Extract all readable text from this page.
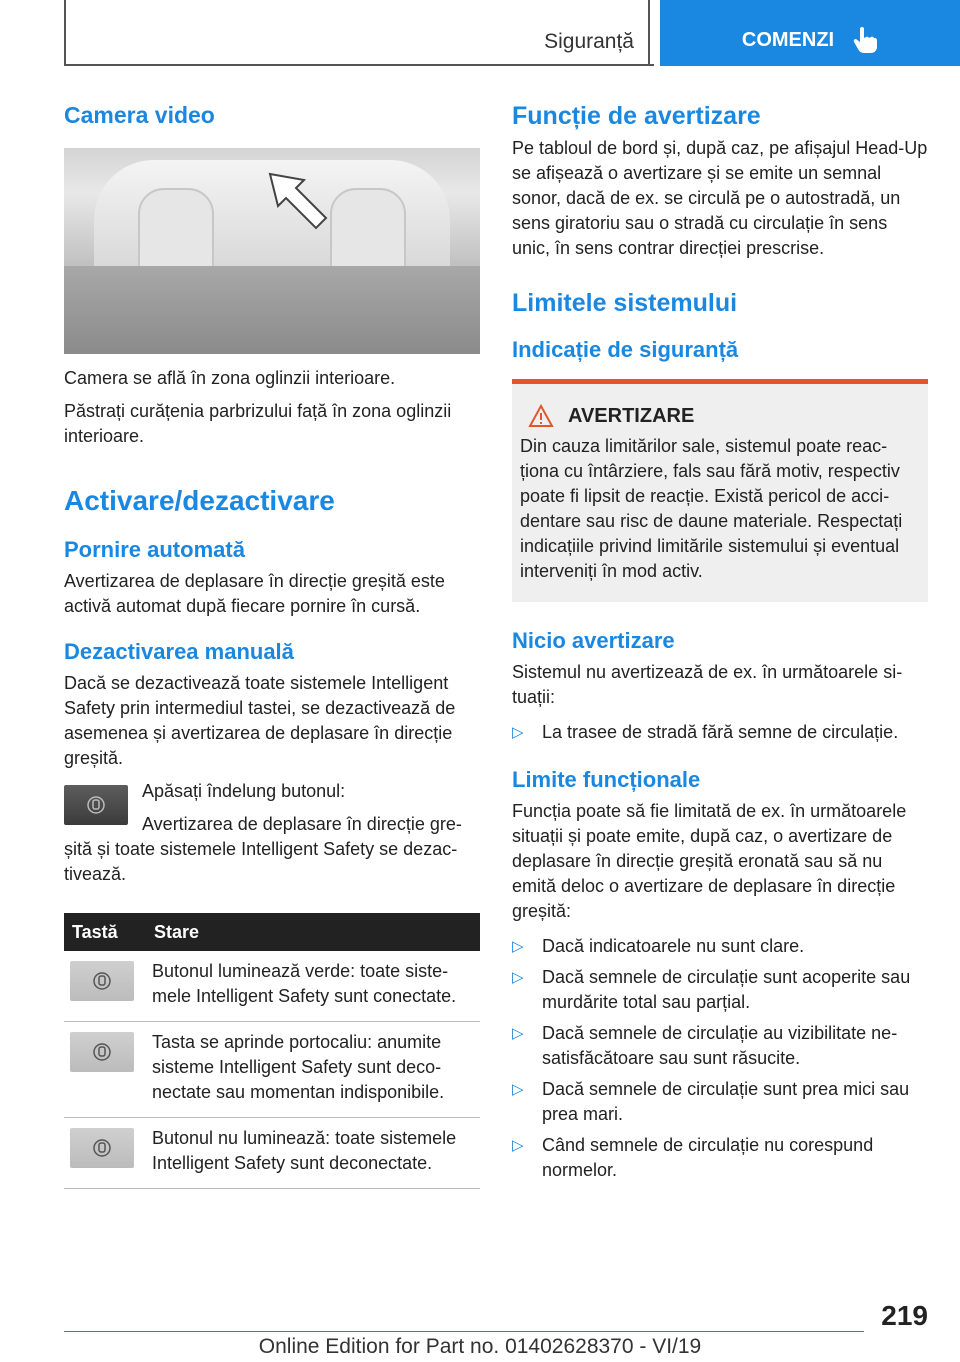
Siguranță	COMENZI
Camera video

Camera se află în zona oglinzii interioare.

Păstrați curățenia parbrizului față în zona oglinzii interioare.

Activare/dezactivare
Pornire automată

Avertizarea de deplasare în direcție greșită este activă automat după fiecare pornire în cursă.

Dezactivarea manuală

Dacă se dezactivează toate sistemele Intelligent Safety prin intermediul tastei, se dezactivează de asemenea și avertizarea de deplasare în direcție greșită.

Apăsați îndelung butonul:

Avertizarea de deplasare în direcție gre-

șită și toate sistemele Intelligent Safety se dezactivează.

Tastă	Stare

	Butonul luminează verde: toate sistemele Intelligent Safety sunt conectate.

	Tasta se aprinde portocaliu: anumite sisteme Intelligent Safety sunt deconectate sau momentan indisponibile.

	Butonul nu luminează: toate sistemele Intelligent Safety sunt deconectate.
Funcție de avertizare

Pe tabloul de bord și, după caz, pe afișajul Head-Up se afișează o avertizare și se emite un semnal sonor, dacă de ex. se circulă pe o autostradă, un sens giratoriu sau o stradă cu circulație în sens unic, în sens contrar direcției prescrise.

Limitele sistemului
Indicație de siguranță
AVERTIZARE

Din cauza limitărilor sale, sistemul poate reacționa cu întârziere, fals sau fără motiv, respectiv poate fi lipsit de reacție. Există pericol de accidentare sau risc de daune materiale. Respectați indicațiile privind limitările sistemului și eventual interveniți în mod activ.

Nicio avertizare

Sistemul nu avertizează de ex. în următoarele situații:

▷ La trasee de stradă fără semne de circulație.
Limite funcționale

Funcția poate să fie limitată de ex. în următoarele situații și poate emite, după caz, o avertizare de deplasare în direcție greșită eronată sau să nu emită deloc o avertizare de deplasare în direcție greșită:

▷ Dacă indicatoarele nu sunt clare.
▷ Dacă semnele de circulație sunt acoperite sau murdărite total sau parțial.
▷ Dacă semnele de circulație au vizibilitate nesatisfăcătoare sau sunt răsucite.
▷ Dacă semnele de circulație sunt prea mici sau prea mari.
▷ Când semnele de circulație nu corespund normelor.
219
Online Edition for Part no. 01402628370 - VI/19
